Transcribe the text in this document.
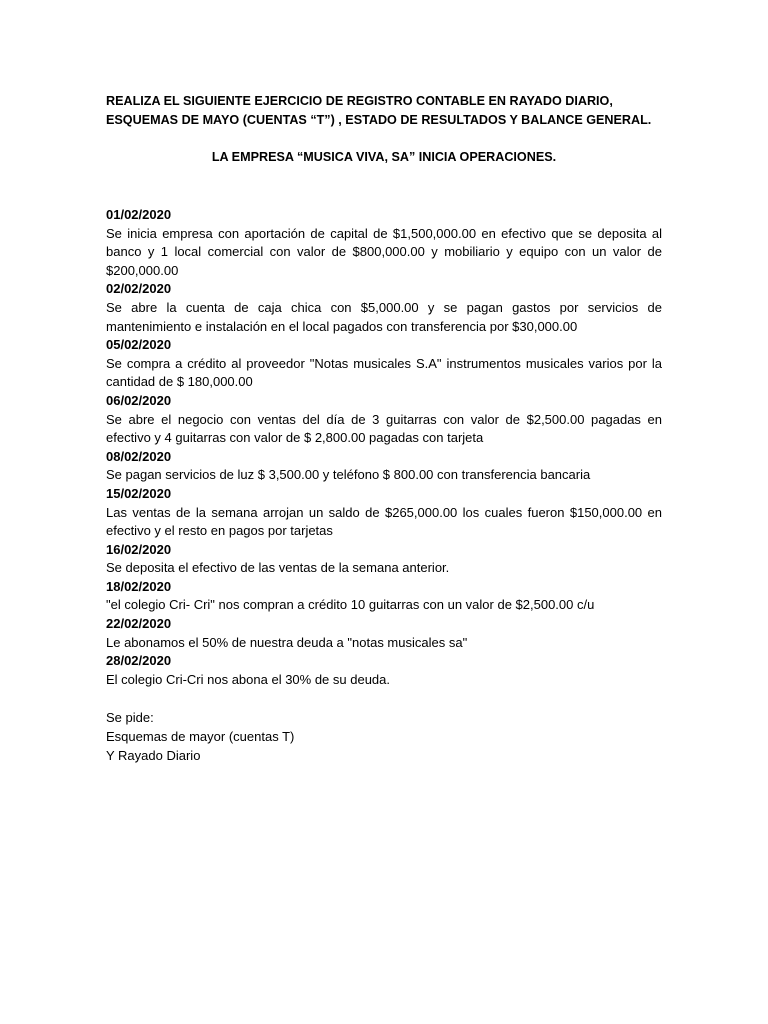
REALIZA EL SIGUIENTE EJERCICIO DE REGISTRO CONTABLE EN RAYADO DIARIO, ESQUEMAS DE MAYO (CUENTAS “T”) , ESTADO DE RESULTADOS Y BALANCE GENERAL.

LA EMPRESA “MUSICA VIVA, SA” INICIA OPERACIONES.

01/02/2020

Se inicia empresa con aportación de capital de $1,500,000.00 en efectivo que se deposita al banco y 1 local comercial con valor de $800,000.00 y mobiliario y equipo con un valor de $200,000.00

02/02/2020

Se abre la cuenta de caja chica con $5,000.00 y se pagan gastos por servicios de mantenimiento e instalación en el local pagados con transferencia por $30,000.00

05/02/2020

Se compra a crédito al proveedor "Notas musicales S.A" instrumentos musicales varios por la cantidad de $ 180,000.00

06/02/2020

Se abre el negocio con ventas del día de 3 guitarras con valor de $2,500.00 pagadas en efectivo y 4 guitarras con valor de $ 2,800.00 pagadas con tarjeta

08/02/2020

Se pagan servicios de luz $ 3,500.00 y teléfono $ 800.00 con transferencia bancaria

15/02/2020

Las ventas de la semana arrojan un saldo de $265,000.00 los cuales fueron $150,000.00 en efectivo y el resto en pagos por tarjetas

16/02/2020

Se deposita el efectivo de las ventas de la semana anterior.

18/02/2020

"el colegio Cri- Cri" nos compran a crédito 10 guitarras con un valor de $2,500.00 c/u

22/02/2020

Le abonamos el 50% de nuestra deuda a "notas musicales sa"

28/02/2020

El colegio Cri-Cri nos abona el 30% de su deuda.

Se pide:

Esquemas de mayor (cuentas T)

Y Rayado Diario
